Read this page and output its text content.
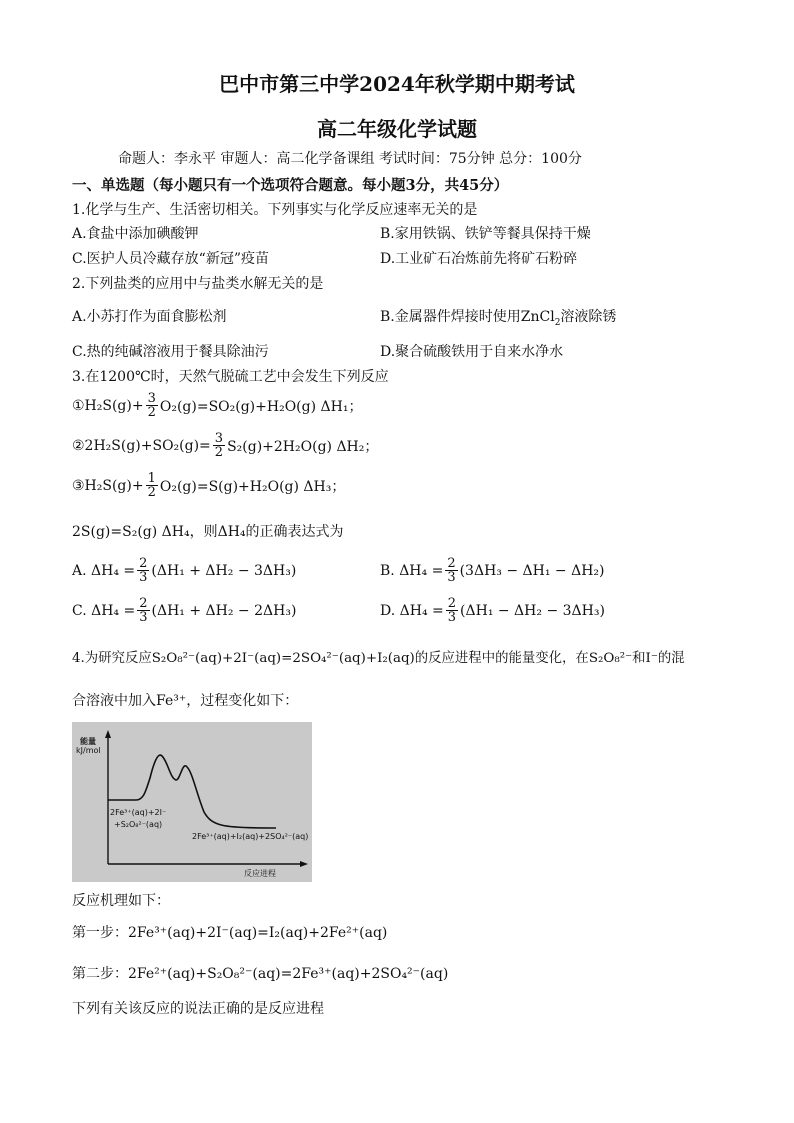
巴中市第三中学2024年秋学期中期考试
高二年级化学试题
命题人：李永平 审题人：高二化学备课组 考试时间：75分钟 总分：100分
一、单选题（每小题只有一个选项符合题意。每小题3分，共45分）
1.化学与生产、生活密切相关。下列事实与化学反应速率无关的是
A.食盐中添加碘酸钾	B.家用铁锅、铁铲等餐具保持干燥
C.医护人员冷藏存放“新冠”疫苗	D.工业矿石冶炼前先将矿石粉碎
2.下列盐类的应用中与盐类水解无关的是
A.小苏打作为面食膨松剂	B.金属器件焊接时使用ZnCl$_2$溶液除锈
C.热的纯碱溶液用于餐具除油污	D.聚合硫酸铁用于自来水净水
3.在1200℃时，天然气脱硫工艺中会发生下列反应
①H₂S(g)+ $\frac{3}{2} O_2(g)=SO_2(g)+H_2O(g)$ ΔH₁；
②2H₂S(g)+SO₂(g)= $\frac{3}{2} S_2(g)+2H_2O(g)$ ΔH₂；
③H₂S(g)+ $\frac{1}{2} O_2(g)=S(g)+H_2O(g)$ ΔH₃；
2S(g)=S₂(g) ΔH₄，则ΔH₄的正确表达式为
A. $\Delta H_4 = \frac{2}{3} (\Delta H_1 + \Delta H_2 - 3\Delta H_3)$	B. $\Delta H_4 = \frac{2}{3} (3\Delta H_3 - \Delta H_1 - \Delta H_2)$
C. $\Delta H_4 = \frac{2}{3} (\Delta H_1 + \Delta H_2 - 2\Delta H_3)$	D. $\Delta H_4 = \frac{2}{3} (\Delta H_1 - \Delta H_2 - 3\Delta H_3)$
4.为研究反应S₂O₈²⁻(aq)+2I⁻(aq)=2SO₄²⁻(aq)+I₂(aq)的反应进程中的能量变化，在S₂O₈²⁻和I⁻的混
合溶液中加入Fe³⁺，过程变化如下：
能量
kJ/mol
2Fe³⁺(aq)+2I⁻
+S₂O₈²⁻(aq)
2Fe³⁺(aq)+I₂(aq)+2SO₄²⁻(aq)
反应进程
反应机理如下：
第一步：2Fe³⁺(aq)+2I⁻(aq)=I₂(aq)+2Fe²⁺(aq)
第二步：2Fe²⁺(aq)+S₂O₈²⁻(aq)=2Fe³⁺(aq)+2SO₄²⁻(aq)
下列有关该反应的说法正确的是反应进程
